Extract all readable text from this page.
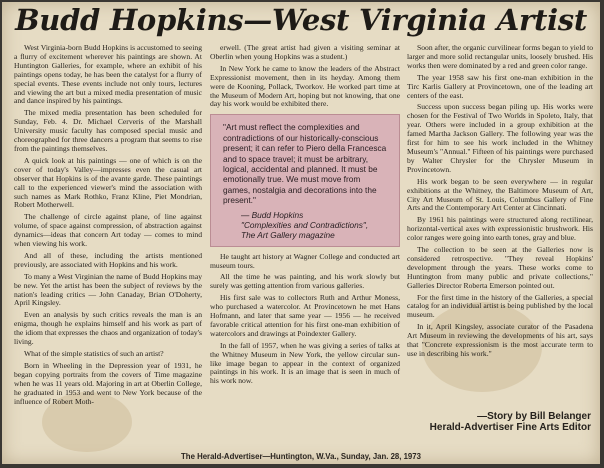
Budd Hopkins—West Virginia Artist

West Virginia-born Budd Hopkins is accustomed to seeing a flurry of excitement wherever his paintings are shown. At Huntington Galleries, for example, where an exhibit of his paintings opens today, he has been the catalyst for a flurry of special events. These events include not only tours, lectures and viewing the art but a mixed media presentation of music and dance inspired by his paintings.

The mixed media presentation has been scheduled for Sunday, Feb. 4. Dr. Michael Cerveris of the Marshall University music faculty has composed special music and choreographed for three dancers a program that seems to rise from the paintings themselves.

A quick look at his paintings — one of which is on the cover of today's Valley—impresses even the casual art observer that Hopkins is of the avante garde. These paintings call to the experienced viewer's mind the association with such names as Mark Rothko, Franz Kline, Piet Mondrian, Robert Motherwell.

The challenge of circle against plane, of line against volume, of space against compression, of abstraction against dynamics—ideas that concern Art today — comes to mind when viewing his work.

And all of these, including the artists mentioned previously, are associated with Hopkins and his work.

To many a West Virginian the name of Budd Hopkins may be new. Yet the artist has been the subject of reviews by the nation's leading critics — John Canaday, Brian O'Doherty, April Kingsley.

Even an analysis by such critics reveals the man is an enigma, though he explains himself and his work as part of the idiom that expresses the chaos and organization of today's living.

What of the simple statistics of such an artist?

Born in Wheeling in the Depression year of 1931, he began copying portraits from the covers of Time magazine when he was 11 years old. Majoring in art at Oberlin College, he graduated in 1953 and went to New York because of the influence of Robert Moth-

erwell. (The great artist had given a visiting seminar at Oberlin when young Hopkins was a student.)

In New York he came to know the leaders of the Abstract Expressionist movement, then in its heyday. Among them were de Kooning, Pollack, Tworkov. He worked part time at the Museum of Modern Art, hoping but not knowing, that one day his work would be exhibited there.

"Art must reflect the complexities and contradictions of our historically-conscious present; it can refer to Piero della Francesca and to space travel; it must be arbitrary, logical, accidental and planned. It must be emotionally true. We must move from games, nostalgia and decorations into the present."
— Budd Hopkins
"Complexities and Contradictions",
The Art Gallery magazine

He taught art history at Wagner College and conducted art museum tours.

All the time he was painting, and his work slowly but surely was getting attention from various galleries.

His first sale was to collectors Ruth and Arthur Moness, who purchased a watercolor. At Provincetown he met Hans Hofmann, and later that same year — 1956 — he received favorable critical attention for his first one-man exhibition of watercolors and drawings at Poindexter Gallery.

In the fall of 1957, when he was giving a series of talks at the Whitney Museum in New York, the yellow circular sun-like image began to appear in the context of organized paintings in his work. It is an image that is seen in much of his work now.

Soon after, the organic curvilinear forms began to yield to larger and more solid rectangular units, loosely brushed. His works then were dominated by a red and green color range.

The year 1958 saw his first one-man exhibition in the Tirc Karlis Gallery at Provincetown, one of the leading art centers of the east.

Success upon success began piling up. His works were chosen for the Festival of Two Worlds in Spoleto, Italy, that year. Others were included in a group exhibition at the famed Martha Jackson Gallery. The following year was the first for him to see his work included in the Whitney Museum's "Annual." Fifteen of his paintings were purchased by Walter Chrysler for the Chrysler Museum in Provincetown.

His work began to be seen everywhere — in regular exhibitions at the Whitney, the Baltimore Museum of Art, City Art Museum of St. Louis, Columbus Gallery of Fine Arts and the Contemporary Art Center at Cincinnati.

By 1961 his paintings were structured along rectilinear, horizontal-vertical axes with expressionistic brushwork. His color ranges were going into earth tones, gray and blue.

The collection to be seen at the Galleries now is considered retrospective. "They reveal Hopkins' development through the years. These works come to Huntington from many public and private collections," Galleries Director Roberta Emerson pointed out.

For the first time in the history of the Galleries, a special catalog for an individual artist is being published by the local museum.

In it, April Kingsley, associate curator of the Pasadena Art Museum in reviewing the developments of his art, says that "Concrete expressionism is the most accurate term to use in describing his work."

—Story by Bill Belanger
Herald-Advertiser Fine Arts Editor
The Herald-Advertiser—Huntington, W.Va., Sunday, Jan. 28, 1973
